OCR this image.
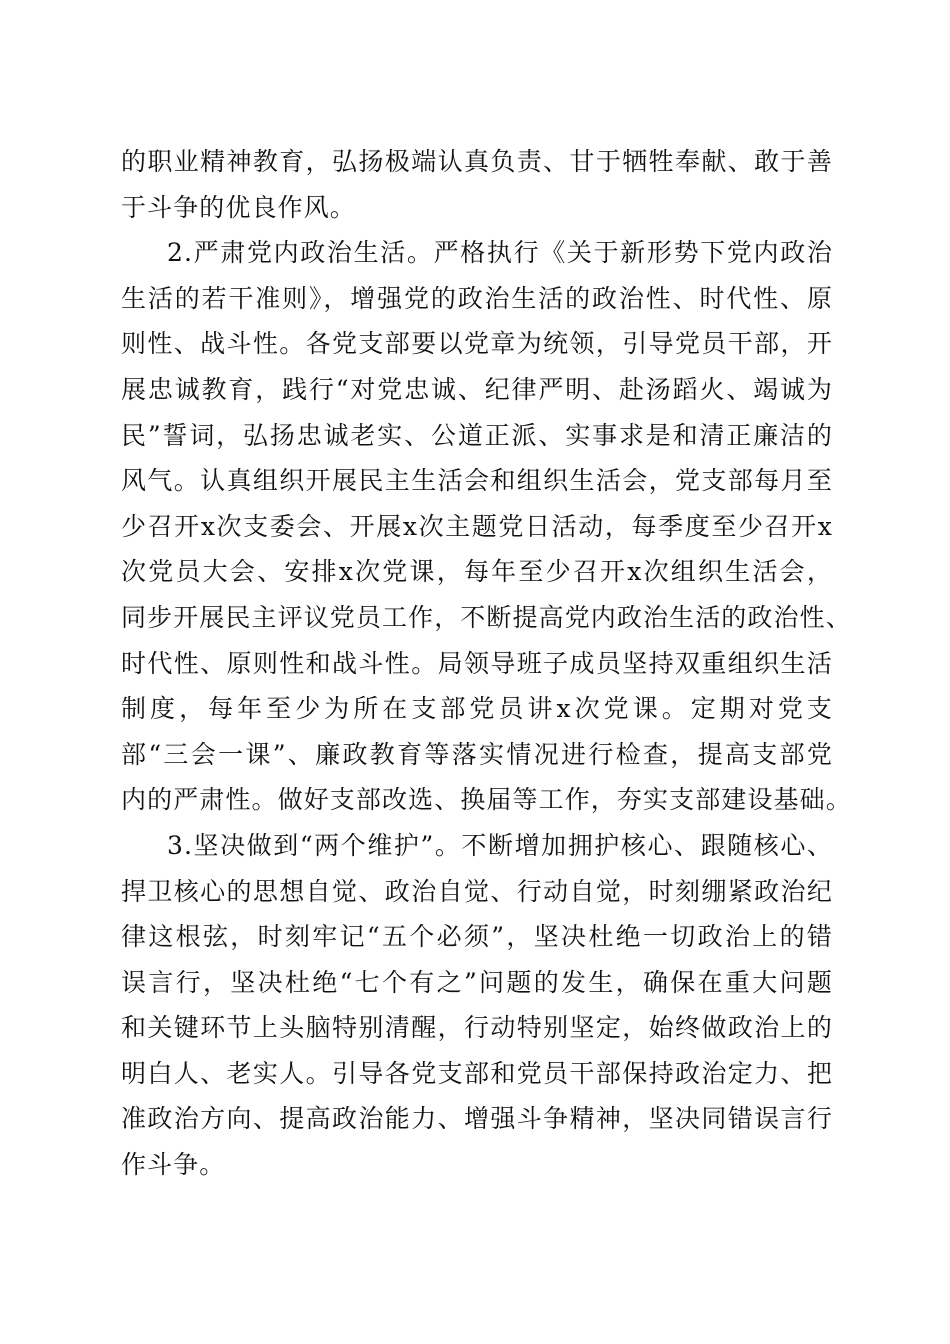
的职业精神教育，弘扬极端认真负责、甘于牺牲奉献、敢于善
于斗争的优良作风。
2.严肃党内政治生活。严格执行《关于新形势下党内政治
生活的若干准则》，增强党的政治生活的政治性、时代性、原
则性、战斗性。各党支部要以党章为统领，引导党员干部，开
展忠诚教育，践行“对党忠诚、纪律严明、赴汤蹈火、竭诚为
民”誓词，弘扬忠诚老实、公道正派、实事求是和清正廉洁的
风气。认真组织开展民主生活会和组织生活会，党支部每月至
少召开x次支委会、开展x次主题党日活动，每季度至少召开x
次党员大会、安排x次党课，每年至少召开x次组织生活会，
同步开展民主评议党员工作，不断提高党内政治生活的政治性、
时代性、原则性和战斗性。局领导班子成员坚持双重组织生活
制度，每年至少为所在支部党员讲x次党课。定期对党支
部“三会一课”、廉政教育等落实情况进行检查，提高支部党
内的严肃性。做好支部改选、换届等工作，夯实支部建设基础。
3.坚决做到“两个维护”。不断增加拥护核心、跟随核心、
捍卫核心的思想自觉、政治自觉、行动自觉，时刻绷紧政治纪
律这根弦，时刻牢记“五个必须”，坚决杜绝一切政治上的错
误言行，坚决杜绝“七个有之”问题的发生，确保在重大问题
和关键环节上头脑特别清醒，行动特别坚定，始终做政治上的
明白人、老实人。引导各党支部和党员干部保持政治定力、把
准政治方向、提高政治能力、增强斗争精神，坚决同错误言行
作斗争。
